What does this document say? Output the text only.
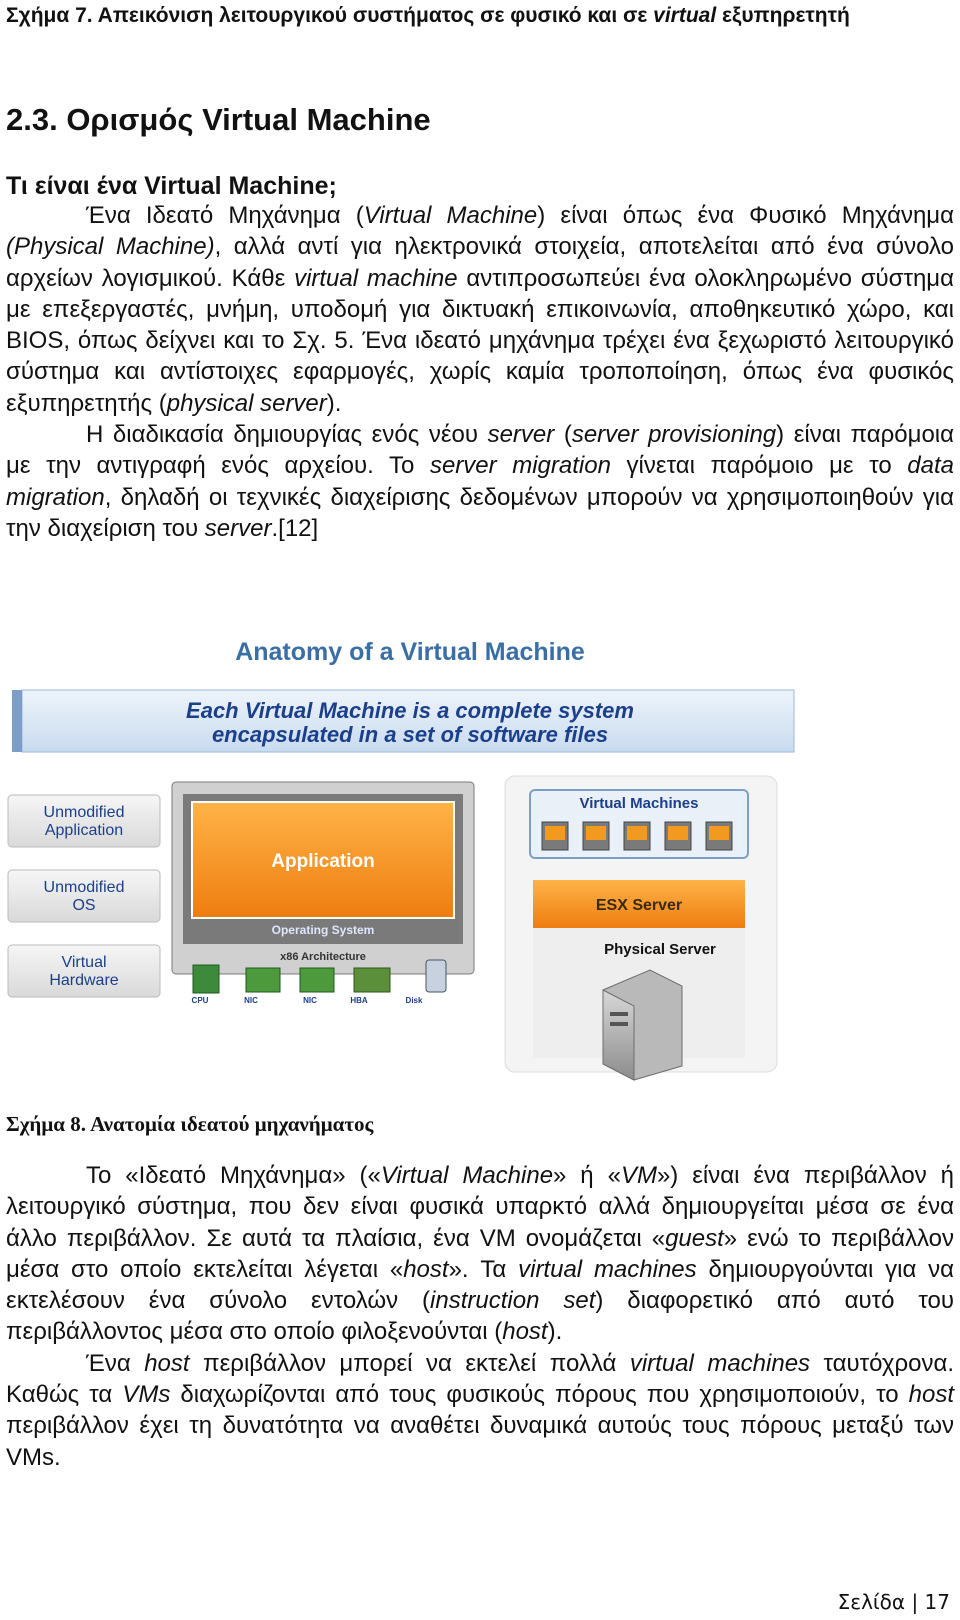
Σχήμα 7. Απεικόνιση λειτουργικού συστήματος σε φυσικό και σε virtual εξυπηρετητή
2.3. Ορισμός Virtual Machine
Τι είναι ένα Virtual Machine;

Ένα Ιδεατό Μηχάνημα (Virtual Machine) είναι όπως ένα Φυσικό Μηχάνημα (Physical Machine), αλλά αντί για ηλεκτρονικά στοιχεία, αποτελείται από ένα σύνολο αρχείων λογισμικού. Κάθε virtual machine αντιπροσωπεύει ένα ολοκληρωμένο σύστημα με επεξεργαστές, μνήμη, υποδομή για δικτυακή επικοινωνία, αποθηκευτικό χώρο, και BIOS, όπως δείχνει και το Σχ. 5. Ένα ιδεατό μηχάνημα τρέχει ένα ξεχωριστό λειτουργικό σύστημα και αντίστοιχες εφαρμογές, χωρίς καμία τροποποίηση, όπως ένα φυσικός εξυπηρετητής (physical server).

Η διαδικασία δημιουργίας ενός νέου server (server provisioning) είναι παρόμοια με την αντιγραφή ενός αρχείου. Το server migration γίνεται παρόμοιο με το data migration, δηλαδή οι τεχνικές διαχείρισης δεδομένων μπορούν να χρησιμοποιηθούν για την διαχείριση του server.[12]

Anatomy of a Virtual Machine
Each Virtual Machine is a complete system
encapsulated in a set of software files
Unmodified
Application
Unmodified
OS
Virtual
Hardware
Application
Operating System
x86 Architecture
CPU	NIC	NIC	HBA	Disk
Virtual Machines
ESX Server
Physical Server
Σχήμα 8. Ανατομία ιδεατού μηχανήματος

Το «Ιδεατό Μηχάνημα» («Virtual Machine» ή «VM») είναι ένα περιβάλλον ή λειτουργικό σύστημα, που δεν είναι φυσικά υπαρκτό αλλά δημιουργείται μέσα σε ένα άλλο περιβάλλον. Σε αυτά τα πλαίσια, ένα VM ονομάζεται «guest» ενώ το περιβάλλον μέσα στο οποίο εκτελείται λέγεται «host». Τα virtual machines δημιουργούνται για να εκτελέσουν ένα σύνολο εντολών (instruction set) διαφορετικό από αυτό του περιβάλλοντος μέσα στο οποίο φιλοξενούνται (host).

Ένα host περιβάλλον μπορεί να εκτελεί πολλά virtual machines ταυτόχρονα. Καθώς τα VMs διαχωρίζονται από τους φυσικούς πόρους που χρησιμοποιούν, το host περιβάλλον έχει τη δυνατότητα να αναθέτει δυναμικά αυτούς τους πόρους μεταξύ των VMs.

Σελίδα | 17
